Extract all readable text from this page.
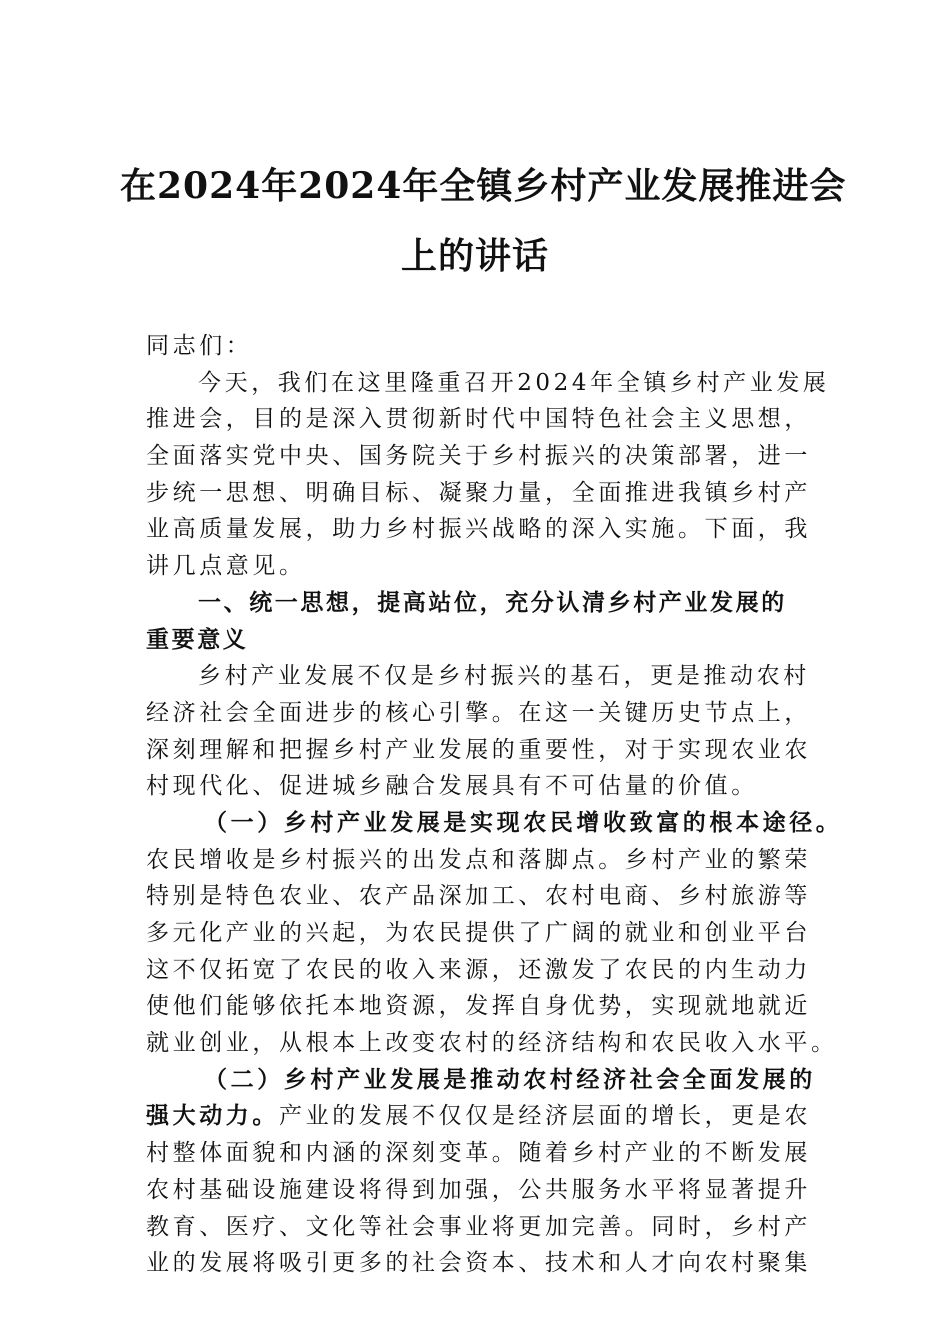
在2024年2024年全镇乡村产业发展推进会
上的讲话
同志们：
今天，我们在这里隆重召开2024年全镇乡村产业发展
推进会，目的是深入贯彻新时代中国特色社会主义思想，
全面落实党中央、国务院关于乡村振兴的决策部署，进一
步统一思想、明确目标、凝聚力量，全面推进我镇乡村产
业高质量发展，助力乡村振兴战略的深入实施。下面，我
讲几点意见。
一、统一思想，提高站位，充分认清乡村产业发展的
重要意义
乡村产业发展不仅是乡村振兴的基石，更是推动农村
经济社会全面进步的核心引擎。在这一关键历史节点上，
深刻理解和把握乡村产业发展的重要性，对于实现农业农
村现代化、促进城乡融合发展具有不可估量的价值。
（一）乡村产业发展是实现农民增收致富的根本途径。
农民增收是乡村振兴的出发点和落脚点。乡村产业的繁荣
特别是特色农业、农产品深加工、农村电商、乡村旅游等
多元化产业的兴起，为农民提供了广阔的就业和创业平台
这不仅拓宽了农民的收入来源，还激发了农民的内生动力
使他们能够依托本地资源，发挥自身优势，实现就地就近
就业创业，从根本上改变农村的经济结构和农民收入水平。
（二）乡村产业发展是推动农村经济社会全面发展的
强大动力。产业的发展不仅仅是经济层面的增长，更是农
村整体面貌和内涵的深刻变革。随着乡村产业的不断发展
农村基础设施建设将得到加强，公共服务水平将显著提升
教育、医疗、文化等社会事业将更加完善。同时，乡村产
业的发展将吸引更多的社会资本、技术和人才向农村聚集
